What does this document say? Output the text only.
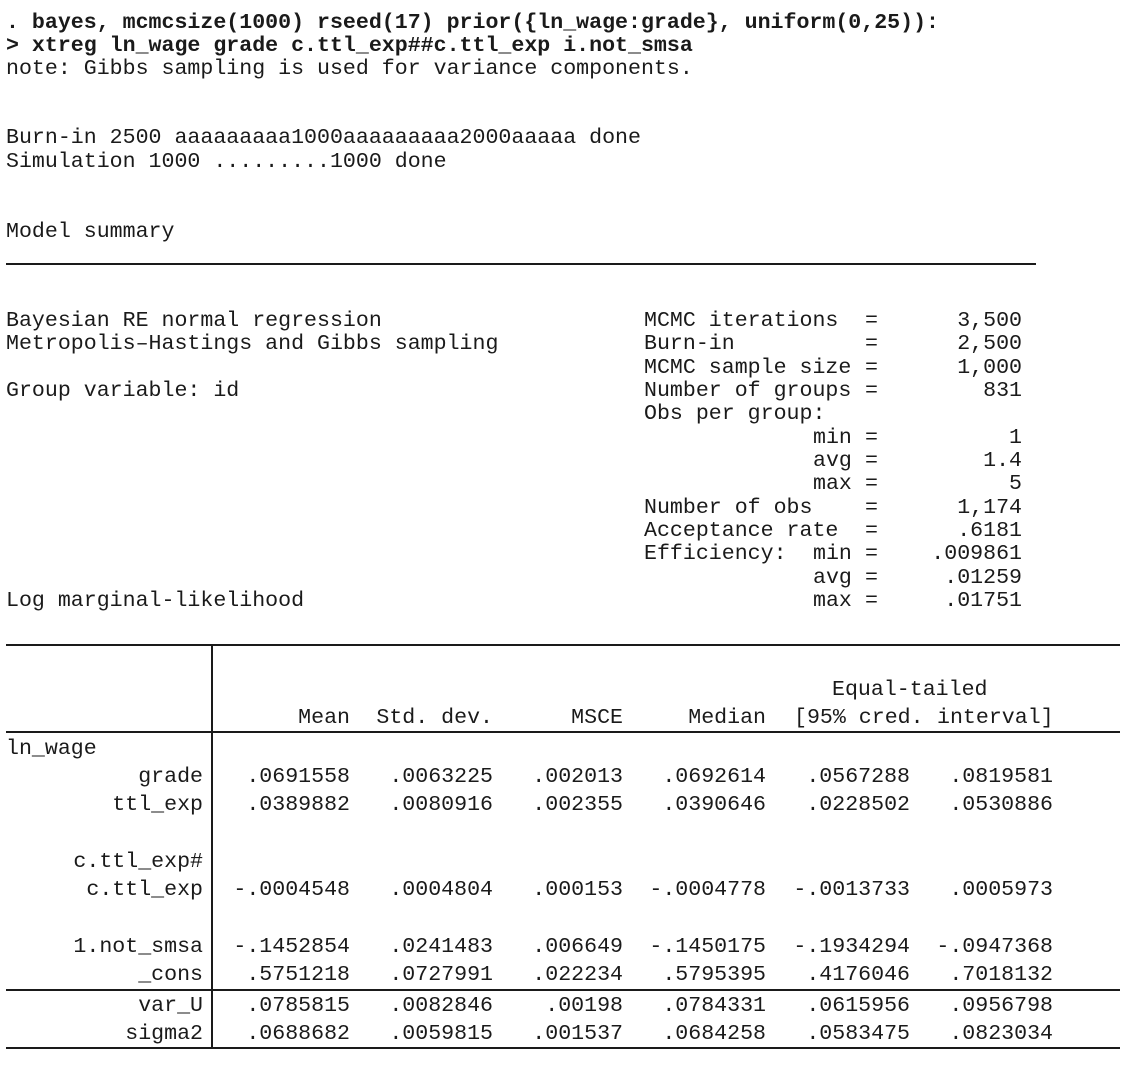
. bayes, mcmcsize(1000) rseed(17) prior({ln_wage:grade}, uniform(0,25)):
> xtreg ln_wage grade c.ttl_exp##c.ttl_exp i.not_smsa
note: Gibbs sampling is used for variance components.
Burn-in 2500 aaaaaaaaa1000aaaaaaaaa2000aaaaa done
Simulation 1000 .........1000 done
Model summary
Bayesian RE normal regression
Metropolis–Hastings and Gibbs sampling
Group variable: id
Log marginal-likelihood
MCMC iterations =	3,500
Burn-in	=	2,500
MCMC sample size =	1,000
Number of groups =	831
Obs per group:
min =	1
avg =	1.4
max =	5
Number of obs =	1,174
Acceptance rate =	.6181
Efficiency: min = .009861
avg =	.01259
max =	.01751
Equal-tailed
Mean Std. dev.	MSCE	Median [95% cred. interval]
ln_wage
grade .0691558 .0063225 .002013 .0692614 .0567288 .0819581
ttl_exp .0389882 .0080916 .002355 .0390646 .0228502 .0530886
c.ttl_exp#
c.ttl_exp -.0004548 .0004804 .000153 -.0004778 -.0013733 .0005973
1.not_smsa -.1452854 .0241483 .006649 -.1450175 -.1934294 -.0947368
_cons .5751218 .0727991 .022234 .5795395 .4176046 .7018132
var_U .0785815 .0082846 .00198 .0784331 .0615956 .0956798
sigma2 .0688682 .0059815 .001537 .0684258 .0583475 .0823034
